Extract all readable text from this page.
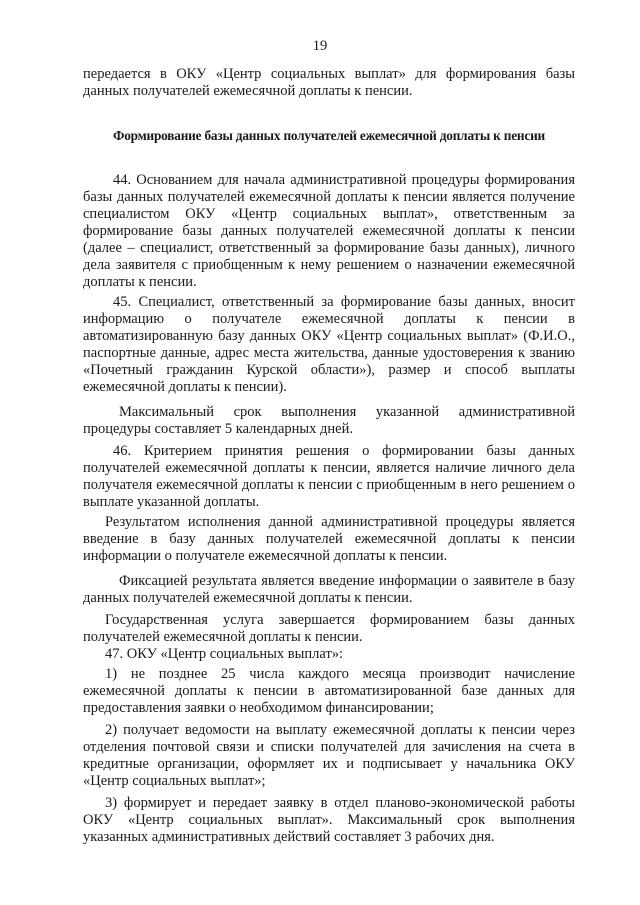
19

передается в ОКУ «Центр социальных выплат» для формирования базы данных получателей ежемесячной доплаты к пенсии.

Формирование базы данных получателей ежемесячной доплаты к пенсии

44. Основанием для начала административной процедуры формирования базы данных получателей ежемесячной доплаты к пенсии является получение специалистом ОКУ «Центр социальных выплат», ответственным за формирование базы данных получателей ежемесячной доплаты к пенсии (далее – специалист, ответственный за формирование базы данных), личного дела заявителя с приобщенным к нему решением о назначении ежемесячной доплаты к пенсии.

45. Специалист, ответственный за формирование базы данных, вносит информацию о получателе ежемесячной доплаты к пенсии в автоматизированную базу данных ОКУ «Центр социальных выплат» (Ф.И.О., паспортные данные, адрес места жительства, данные удостоверения к званию «Почетный гражданин Курской области»), размер и способ выплаты ежемесячной доплаты к пенсии).

Максимальный срок выполнения указанной административной процедуры составляет 5 календарных дней.

46. Критерием принятия решения о формировании базы данных получателей ежемесячной доплаты к пенсии, является наличие личного дела получателя ежемесячной доплаты к пенсии с приобщенным в него решением о выплате указанной доплаты.

Результатом исполнения данной административной процедуры является введение в базу данных получателей ежемесячной доплаты к пенсии информации о получателе ежемесячной доплаты к пенсии.

Фиксацией результата является введение информации о заявителе в базу данных получателей ежемесячной доплаты к пенсии.

Государственная услуга завершается формированием базы данных получателей ежемесячной доплаты к пенсии.

47. ОКУ «Центр социальных выплат»:

1) не позднее 25 числа каждого месяца производит начисление ежемесячной доплаты к пенсии в автоматизированной базе данных для предоставления заявки о необходимом финансировании;

2) получает ведомости на выплату ежемесячной доплаты к пенсии через отделения почтовой связи и списки получателей для зачисления на счета в кредитные организации, оформляет их и подписывает у начальника ОКУ «Центр социальных выплат»;

3) формирует и передает заявку в отдел планово-экономической работы ОКУ «Центр социальных выплат». Максимальный срок выполнения указанных административных действий составляет 3 рабочих дня.
